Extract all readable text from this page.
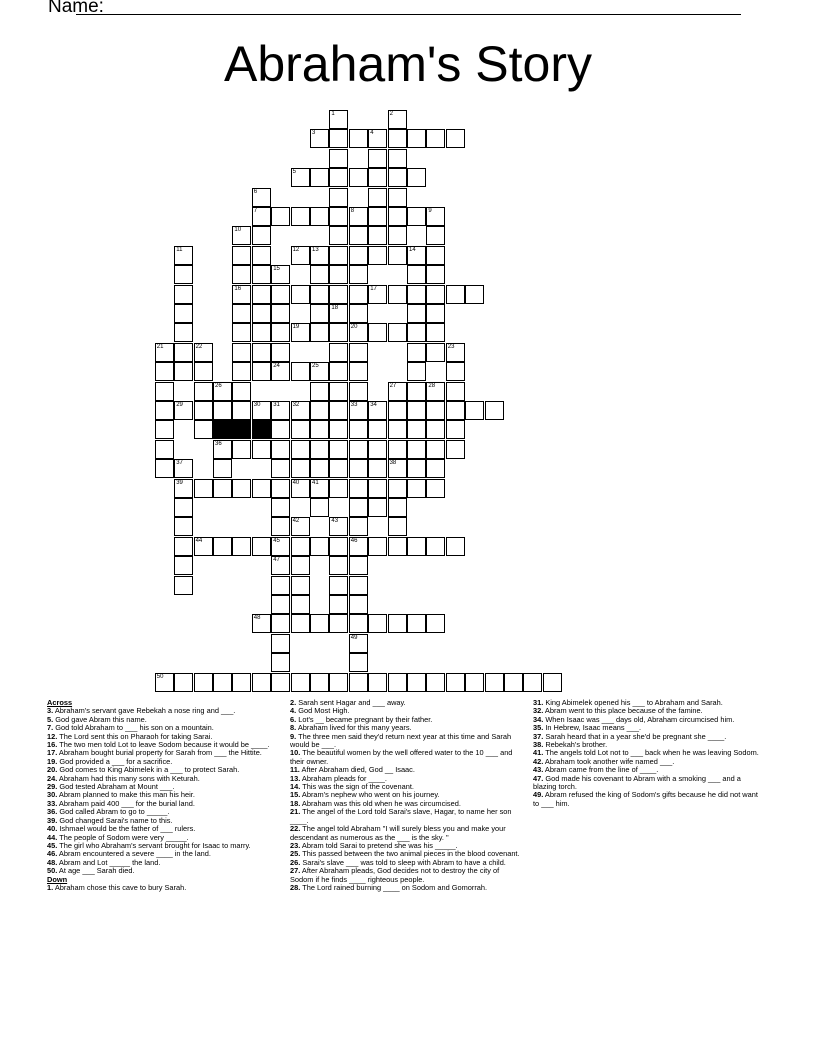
Name:
Abraham's Story
3	4
5
7	8
12 13	14
16	17
19	20
24	25
29	30 31 32	33 34
35
36
39	40 41
44	45	46
48
50
1
18
2
6
9
10
11
15
21	22	23
26	27
38
28
47
37
42	43
49
Across
3. Abraham's servant gave Rebekah a nose ring and ___.
5. God gave Abram this name.
7. God told Abraham to ___ his son on a mountain.
12. The Lord sent this on Pharaoh for taking Sarai.
16. The two men told Lot to leave Sodom because it would be ____.
17. Abraham bought burial property for Sarah from ___ the Hittite.
19. God provided a ___ for a sacrifice.
20. God comes to King Abimelek in a ___ to protect Sarah.
24. Abraham had this many sons with Keturah.
29. God tested Abraham at Mount ___.
30. Abram planned to make this man his heir.
33. Abraham paid 400 ___ for the burial land.
36. God called Abram to go to _____.
39. God changed Sarai's name to this.
40. Ishmael would be the father of ___ rulers.
44. The people of Sodom were very _____.
45. The girl who Abraham's servant brought for Isaac to marry.
46. Abram encountered a severe ____ in the land.
48. Abram and Lot _____ the land.
50. At age ___ Sarah died.
Down
1. Abraham chose this cave to bury Sarah.
2. Sarah sent Hagar and ___ away.
4. God Most High.
6. Lot's __ became pregnant by their father.
8. Abraham lived for this many years.
9. The three men said they'd return next year at this time and Sarah would be ___.
10. The beautiful women by the well offered water to the 10 ___ and their owner.
11. After Abraham died, God __ Isaac.
13. Abraham pleads for ____.
14. This was the sign of the covenant.
15. Abram's nephew who went on his journey.
18. Abraham was this old when he was circumcised.
21. The angel of the Lord told Sarai's slave, Hagar, to name her son ____.
22. The angel told Abraham "I will surely bless you and make your descendant as numerous as the ___ is the sky. "
23. Abram told Sarai to pretend she was his _____.
25. This passed between the two animal pieces in the blood covenant.
26. Sarai's slave ___ was told to sleep with Abram to have a child.
27. After Abraham pleads, God decides not to destroy the city of Sodom if he finds ____ righteous people.
28. The Lord rained burning ____ on Sodom and Gomorrah.
31. King Abimelek opened his ___ to Abraham and Sarah.
32. Abram went to this place because of the famine.
34. When Isaac was ___ days old, Abraham circumcised him.
35. In Hebrew, Isaac means ___.
37. Sarah heard that in a year she'd be pregnant she ____.
38. Rebekah's brother.
41. The angels told Lot not to ___ back when he was leaving Sodom.
42. Abraham took another wife named ___.
43. Abram came from the line of ____.
47. God made his covenant to Abram with a smoking ___ and a blazing torch.
49. Abram refused the king of Sodom's gifts because he did not want to ___ him.
